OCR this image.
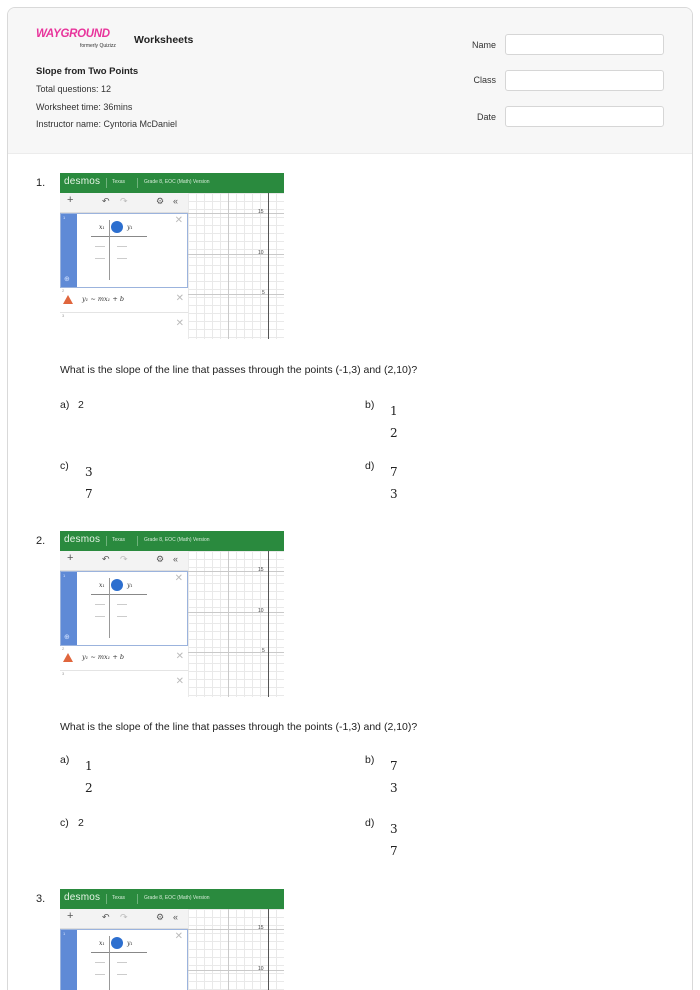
WAYGROUND
formerly Quizizz Worksheets
Slope from Two Points
Total questions: 12
Worksheet time: 36mins
Instructor name: Cyntoria McDaniel
Name
Class
Date
1. desmos Texas	Grade 8, EOC (Math) Version
+	↶ ↷	⚙ «
1
⊕
x₁	y₁
✕
2
y₁ ~ mx₁ + b	✕
3
✕
15
10
5
What is the slope of the line that passes through the points (-1,3) and (2,10)?
a) 2	b) 1
2
c) 3
7
d) 7
3
2. desmos Texas	Grade 8, EOC (Math) Version
+	↶ ↷	⚙ «
1
⊕
x₁	y₁
✕
2
y₁ ~ mx₁ + b	✕
3
✕
15
10
5
What is the slope of the line that passes through the points (-1,3) and (2,10)?
a) 1
2
b) 7
3
c) 2	d) 3
7
3. desmos Texas	Grade 8, EOC (Math) Version
+	↶ ↷	⚙ «
1
x₁	y₁
✕
15
10
